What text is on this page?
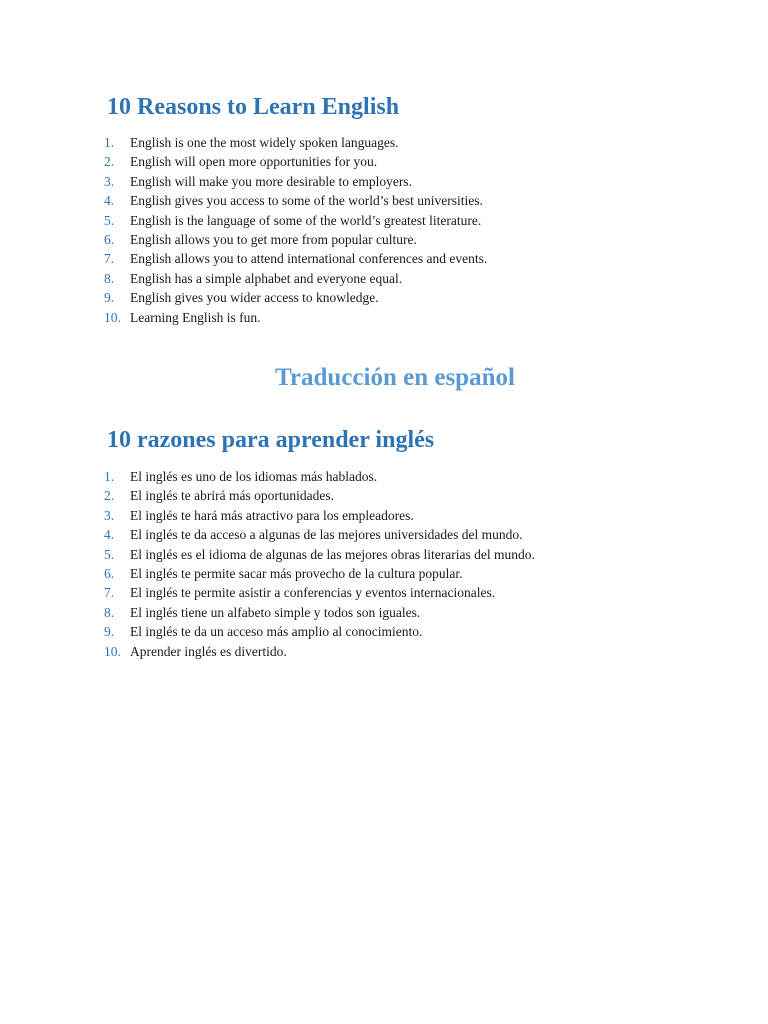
10 Reasons to Learn English
1. English is one the most widely spoken languages.
2. English will open more opportunities for you.
3. English will make you more desirable to employers.
4. English gives you access to some of the world’s best universities.
5. English is the language of some of the world’s greatest literature.
6. English allows you to get more from popular culture.
7. English allows you to attend international conferences and events.
8. English has a simple alphabet and everyone equal.
9. English gives you wider access to knowledge.
10. Learning English is fun.
Traducción en español
10 razones para aprender inglés
1. El inglés es uno de los idiomas más hablados.
2. El inglés te abrirá más oportunidades.
3. El inglés te hará más atractivo para los empleadores.
4. El inglés te da acceso a algunas de las mejores universidades del mundo.
5. El inglés es el idioma de algunas de las mejores obras literarias del mundo.
6. El inglés te permite sacar más provecho de la cultura popular.
7. El inglés te permite asistir a conferencias y eventos internacionales.
8. El inglés tiene un alfabeto simple y todos son iguales.
9. El inglés te da un acceso más amplio al conocimiento.
10. Aprender inglés es divertido.
